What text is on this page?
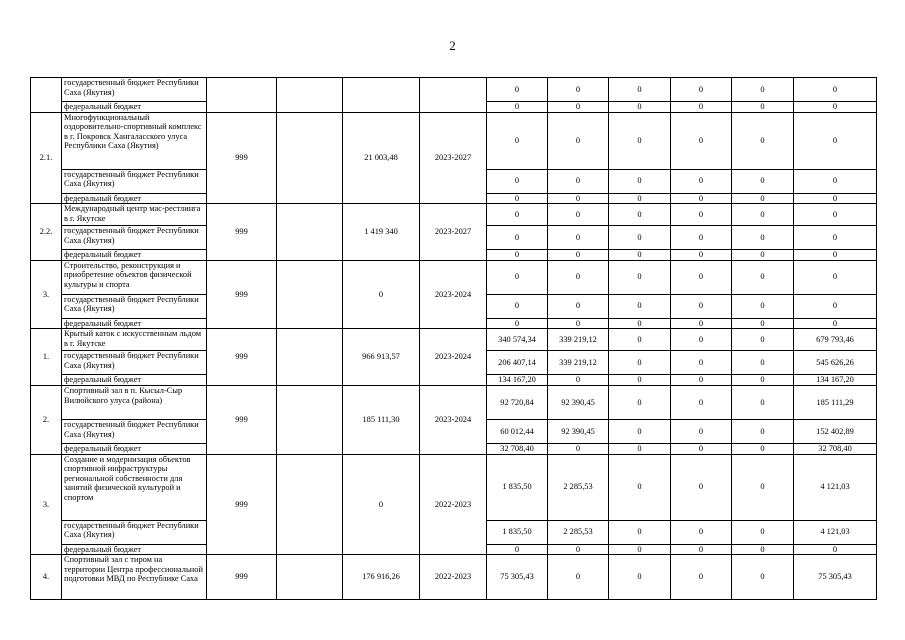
2
	государственный бюджет Республики Саха (Якутия)					0	0	0	0	0	0
	федеральный бюджет					0	0	0	0	0	0
2.1.	Многофункциональный оздоровительно-спортивный комплекс в г. Покровск Хангаласского улуса Республики Саха (Якутия)	999		21 003,48	2023-2027	0	0	0	0	0	0
	государственный бюджет Республики Саха (Якутия)					0	0	0	0	0	0
	федеральный бюджет					0	0	0	0	0	0
2.2.	Международный центр мас-рестлинга в г. Якутске	999		1 419 340	2023-2027	0	0	0	0	0	0
	государственный бюджет Республики Саха (Якутия)					0	0	0	0	0	0
	федеральный бюджет					0	0	0	0	0	0
3.	Строительство, реконструкция и приобретение объектов физической культуры и спорта	999		0	2023-2024	0	0	0	0	0	0
	государственный бюджет Республики Саха (Якутия)					0	0	0	0	0	0
	федеральный бюджет					0	0	0	0	0	0
1.	Крытый каток с искусственным льдом в г. Якутске	999		966 913,57	2023-2024	340 574,34	339 219,12	0	0	0	679 793,46
	государственный бюджет Республики Саха (Якутия)					206 407,14	339 219,12	0	0	0	545 626,26
	федеральный бюджет					134 167,20	0	0	0	0	134 167,20
2.	Спортивный зал в п. Кысыл-Сыр Вилюйского улуса (района)	999		185 111,30	2023-2024	92 720,84	92 390,45	0	0	0	185 111,29
	государственный бюджет Республики Саха (Якутия)					60 012,44	92 390,45	0	0	0	152 402,89
	федеральный бюджет					32 708,40	0	0	0	0	32 708,40
3.	Создание и модернизация объектов спортивной инфраструктуры региональной собственности для занятий физической культурой и спортом	999		0	2022-2023	1 835,50	2 285,53	0	0	0	4 121,03
	государственный бюджет Республики Саха (Якутия)					1 835,50	2 285,53	0	0	0	4 121,03
	федеральный бюджет					0	0	0	0	0	0
4.	Спортивный зал с тиром на территории Центра профессиональной подготовки МВД по Республике Саха	999		176 916,26	2022-2023	75 305,43	0	0	0	0	75 305,43
